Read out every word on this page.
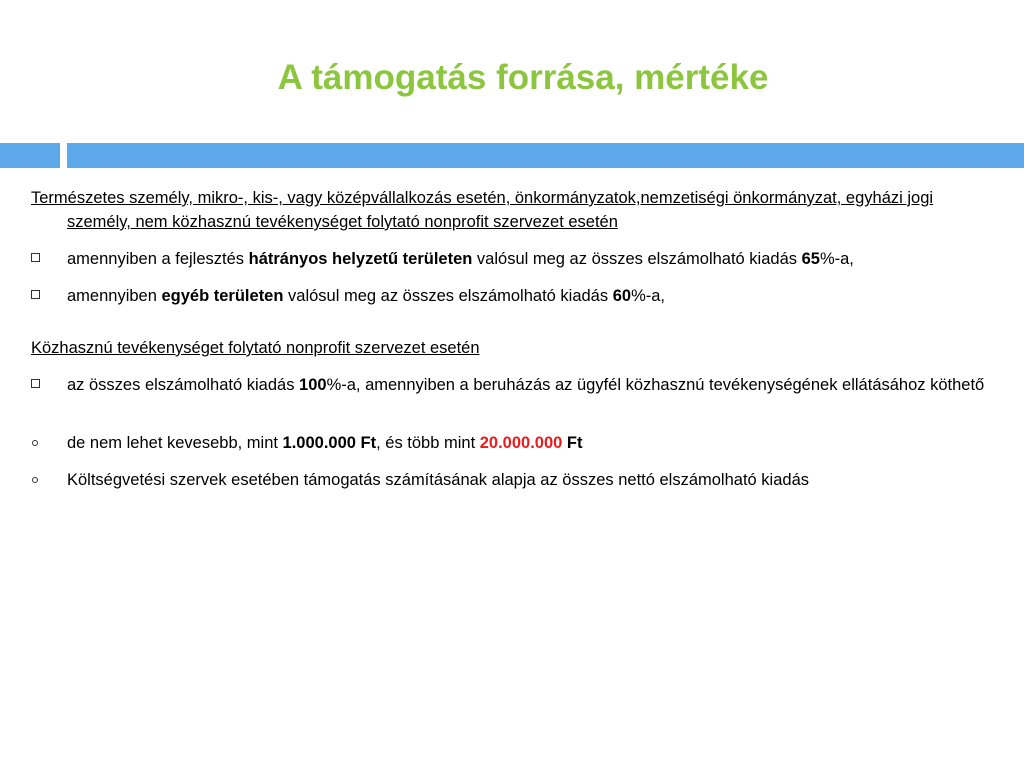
A támogatás forrása, mértéke
Természetes személy, mikro-, kis-, vagy középvállalkozás esetén, önkormányzatok,nemzetiségi önkormányzat, egyházi jogi személy, nem közhasznú tevékenységet folytató nonprofit szervezet esetén
amennyiben a fejlesztés hátrányos helyzetű területen valósul meg az összes elszámolható kiadás 65%-a,
amennyiben egyéb területen valósul meg az összes elszámolható kiadás 60%-a,
Közhasznú tevékenységet folytató nonprofit szervezet esetén
az összes elszámolható kiadás 100%-a, amennyiben a beruházás az ügyfél közhasznú tevékenységének ellátásához köthető
de nem lehet kevesebb, mint 1.000.000 Ft, és több mint 20.000.000 Ft
Költségvetési szervek esetében támogatás számításának alapja az összes nettó elszámolható kiadás
